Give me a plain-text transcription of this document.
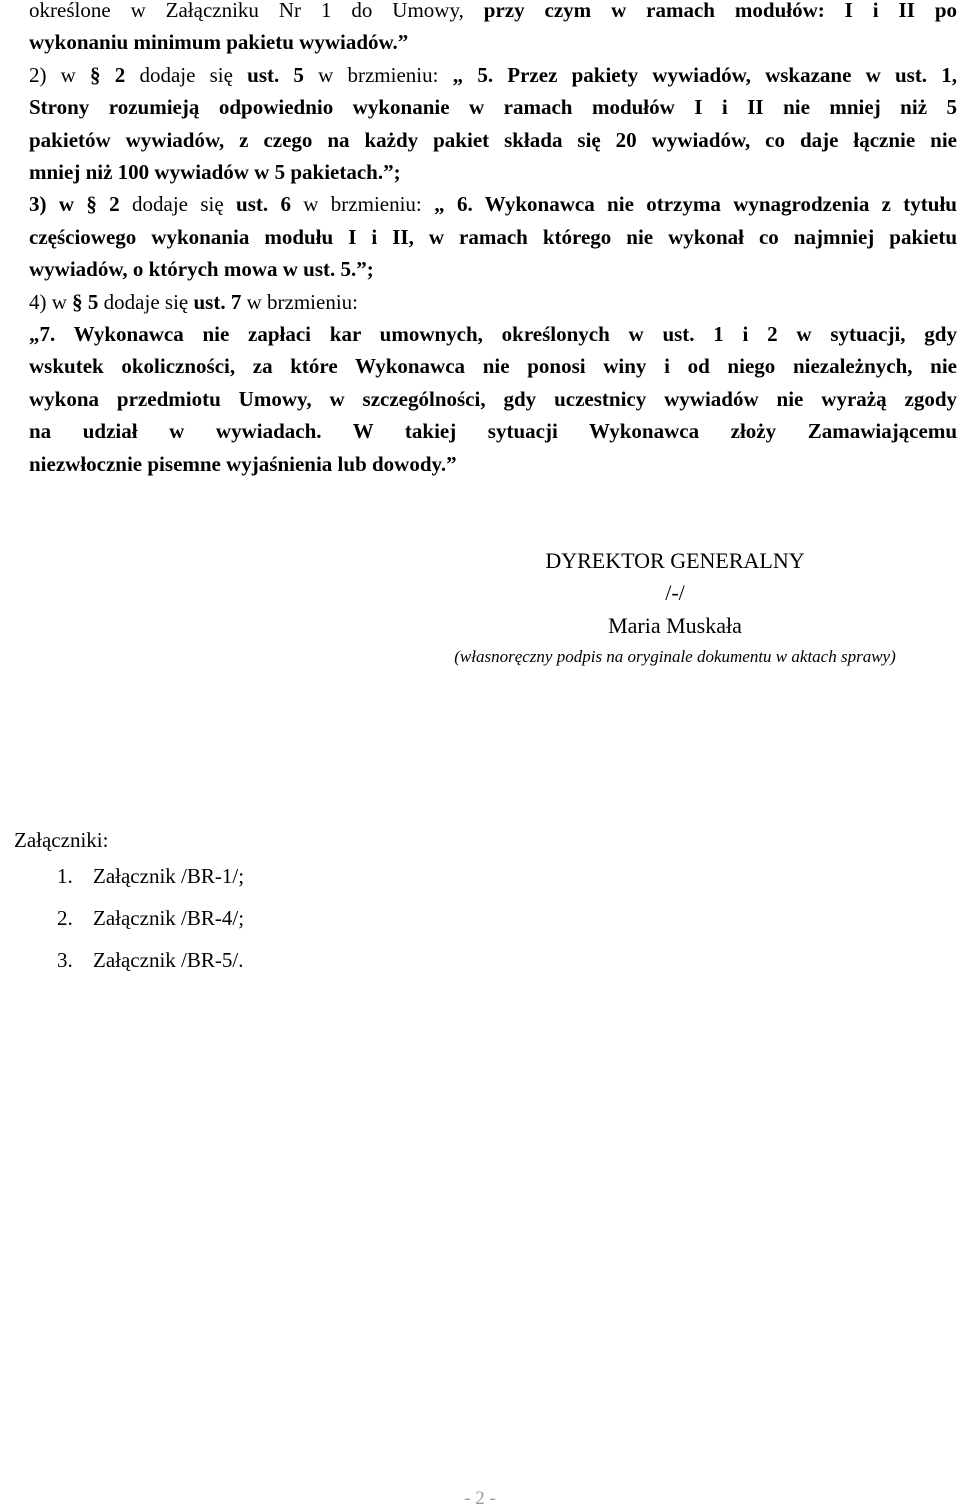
określone w Załączniku Nr 1 do Umowy, przy czym w ramach modułów: I i II po
wykonaniu minimum pakietu wywiadów.”
2) w § 2 dodaje się ust. 5 w brzmieniu: „ 5. Przez pakiety wywiadów, wskazane w ust. 1,
Strony rozumieją odpowiednio wykonanie w ramach modułów I i II nie mniej niż 5
pakietów wywiadów, z czego na każdy pakiet składa się 20 wywiadów, co daje łącznie nie
mniej niż 100 wywiadów w 5 pakietach.”;
3) w § 2 dodaje się ust. 6 w brzmieniu: „ 6. Wykonawca nie otrzyma wynagrodzenia z tytułu
częściowego wykonania modułu I i II, w ramach którego nie wykonał co najmniej pakietu
wywiadów, o których mowa w ust. 5.”;
4) w § 5 dodaje się ust. 7 w brzmieniu:
„7. Wykonawca nie zapłaci kar umownych, określonych w ust. 1 i 2 w sytuacji, gdy
wskutek okoliczności, za które Wykonawca nie ponosi winy i od niego niezależnych, nie
wykona przedmiotu Umowy, w szczególności, gdy uczestnicy wywiadów nie wyrażą zgody
na udział w wywiadach. W takiej sytuacji Wykonawca złoży Zamawiającemu
niezwłocznie pisemne wyjaśnienia lub dowody.”
DYREKTOR GENERALNY
/-/
Maria Muskała
(własnoręczny podpis na oryginale dokumentu w aktach sprawy)
Załączniki:
1. Załącznik /BR-1/;
2. Załącznik /BR-4/;
3. Załącznik /BR-5/.
- 2 -
